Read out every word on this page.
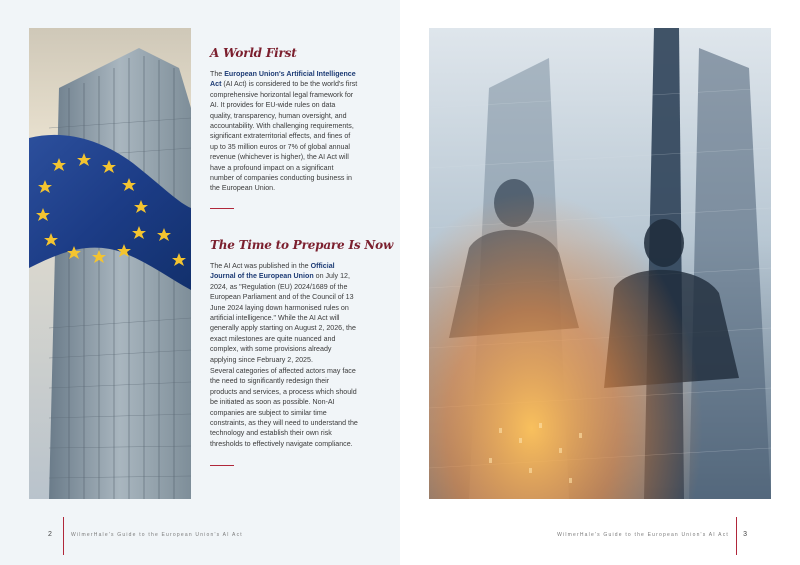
A World First

The European Union's Artificial Intelligence Act (AI Act) is considered to be the world's first comprehensive horizontal legal framework for AI. It provides for EU-wide rules on data quality, transparency, human oversight, and accountability. With challenging requirements, significant extraterritorial effects, and fines of up to 35 million euros or 7% of global annual revenue (whichever is higher), the AI Act will have a profound impact on a significant number of companies conducting business in the European Union.

The Time to Prepare Is Now

The AI Act was published in the Official Journal of the European Union on July 12, 2024, as "Regulation (EU) 2024/1689 of the European Parliament and of the Council of 13 June 2024 laying down harmonised rules on artificial intelligence." While the AI Act will generally apply starting on August 2, 2026, the exact milestones are quite nuanced and complex, with some provisions already applying since February 2, 2025.

Several categories of affected actors may face the need to significantly redesign their products and services, a process which should be initiated as soon as possible. Non-AI companies are subject to similar time constraints, as they will need to understand the technology and establish their own risk thresholds to effectively navigate compliance.

2	WilmerHale's Guide to the European Union's AI Act	WilmerHale's Guide to the European Union's AI Act 3
